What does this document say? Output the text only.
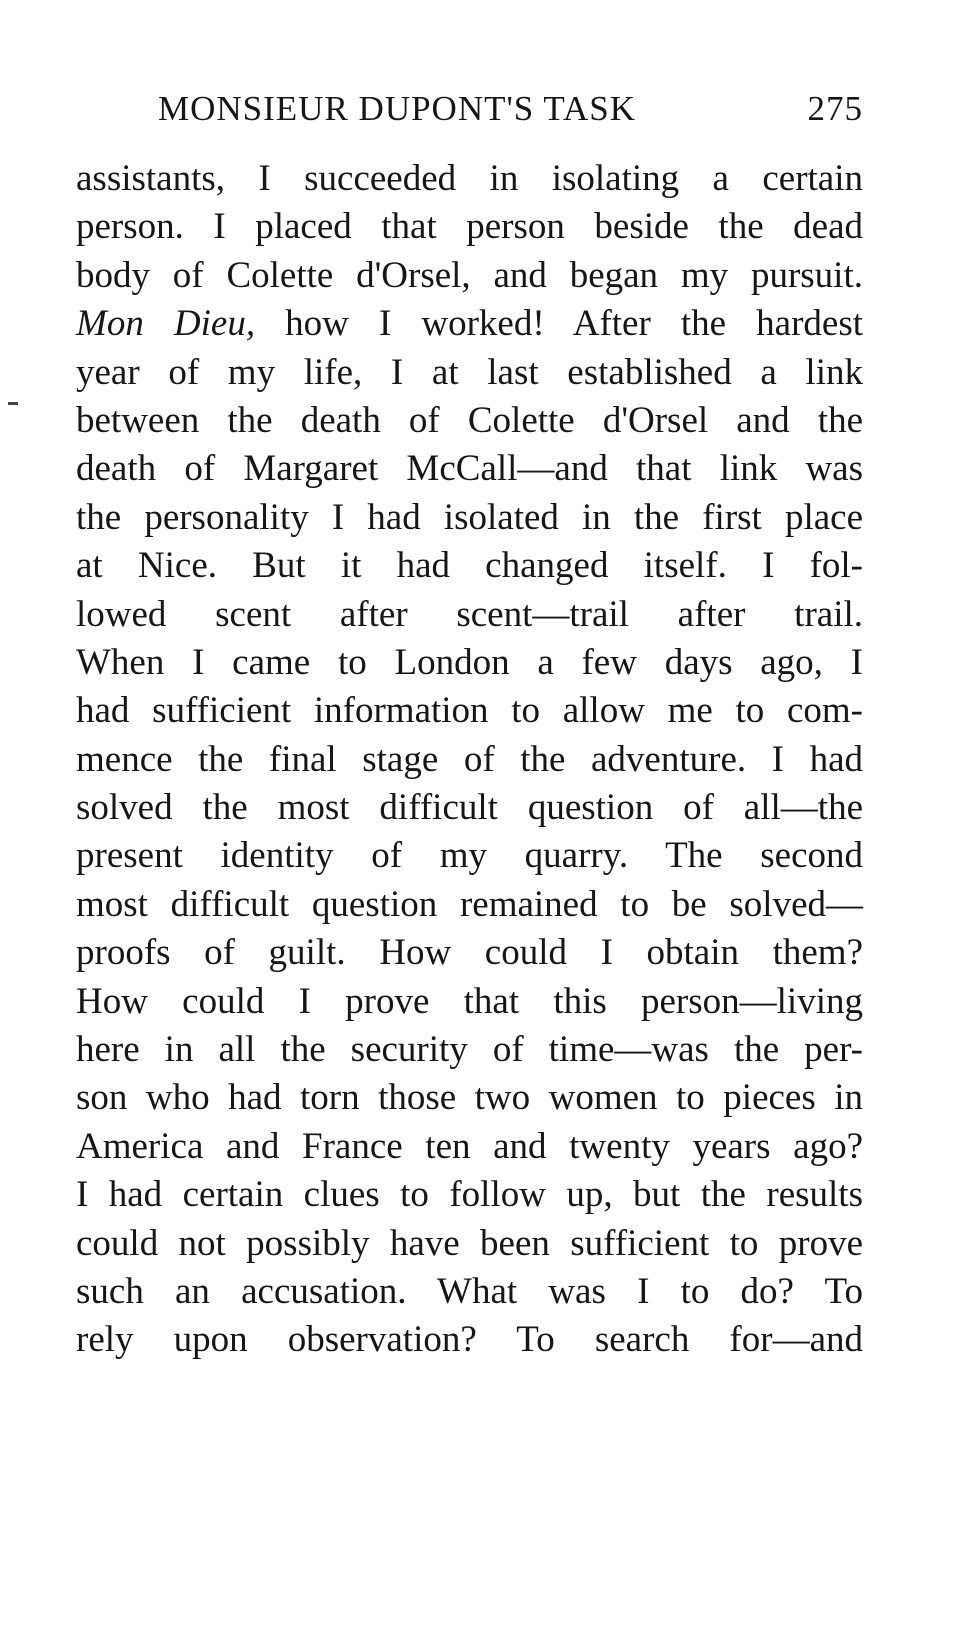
MONSIEUR DUPONT'S TASK	275
assistants, I succeeded in isolating a certain
person. I placed that person beside the dead
body of Colette d'Orsel, and began my pursuit.
Mon Dieu, how I worked! After the hardest
year of my life, I at last established a link
between the death of Colette d'Orsel and the
death of Margaret McCall—and that link was
the personality I had isolated in the first place
at Nice. But it had changed itself. I fol-
lowed scent after scent—trail after trail.
When I came to London a few days ago, I
had sufficient information to allow me to com-
mence the final stage of the adventure. I had
solved the most difficult question of all—the
present identity of my quarry. The second
most difficult question remained to be solved—
proofs of guilt. How could I obtain them?
How could I prove that this person—living
here in all the security of time—was the per-
son who had torn those two women to pieces in
America and France ten and twenty years ago?
I had certain clues to follow up, but the results
could not possibly have been sufficient to prove
such an accusation. What was I to do? To
rely upon observation? To search for—and
